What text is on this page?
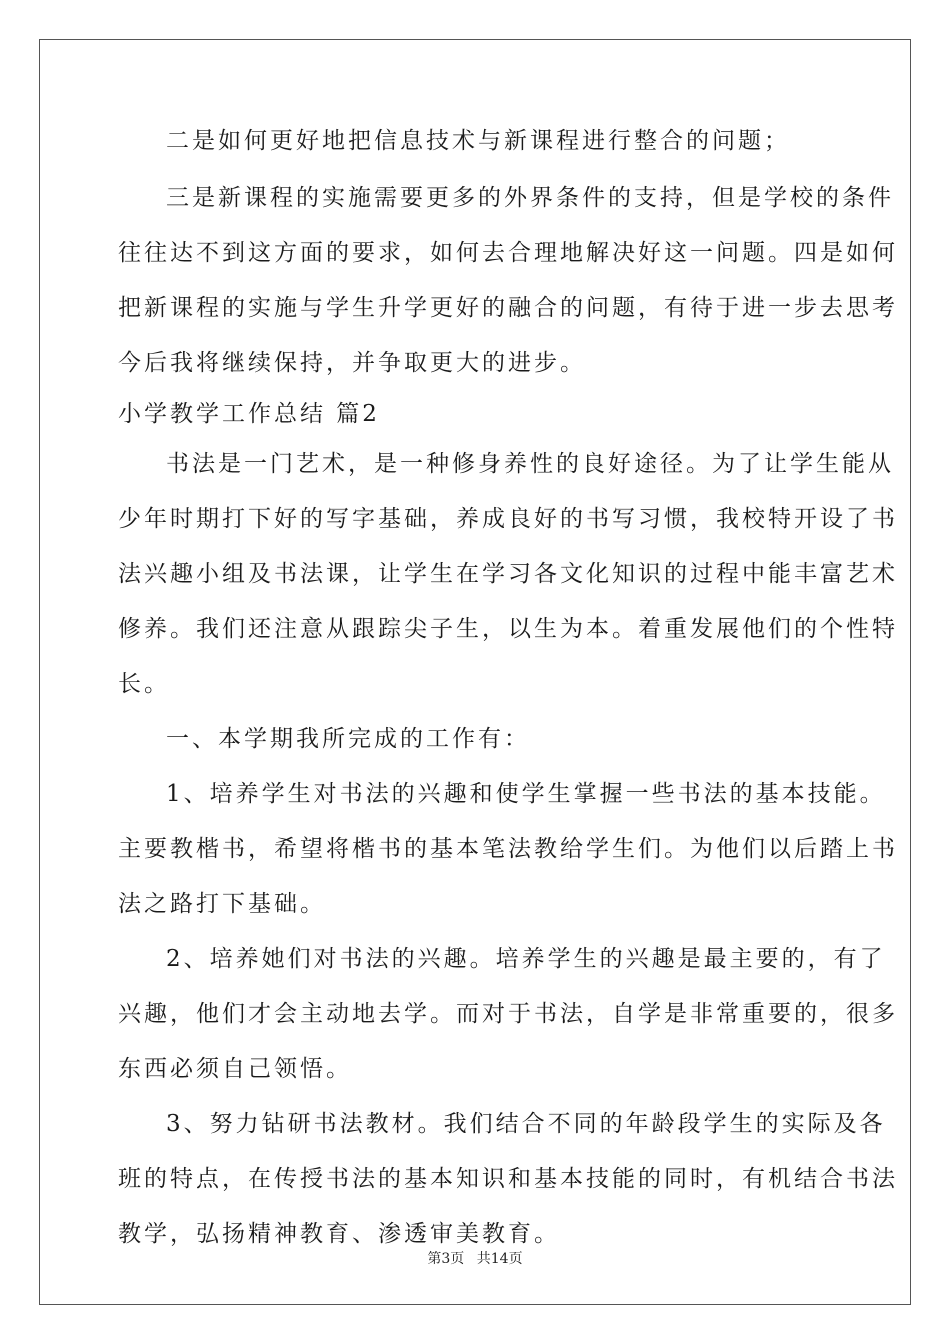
二是如何更好地把信息技术与新课程进行整合的问题；
三是新课程的实施需要更多的外界条件的支持，但是学校的条件
往往达不到这方面的要求，如何去合理地解决好这一问题。四是如何
把新课程的实施与学生升学更好的融合的问题，有待于进一步去思考
今后我将继续保持，并争取更大的进步。
小学教学工作总结 篇2
书法是一门艺术，是一种修身养性的良好途径。为了让学生能从
少年时期打下好的写字基础，养成良好的书写习惯，我校特开设了书
法兴趣小组及书法课，让学生在学习各文化知识的过程中能丰富艺术
修养。我们还注意从跟踪尖子生，以生为本。着重发展他们的个性特
长。
一、本学期我所完成的工作有：
1、培养学生对书法的兴趣和使学生掌握一些书法的基本技能。
主要教楷书，希望将楷书的基本笔法教给学生们。为他们以后踏上书
法之路打下基础。
2、培养她们对书法的兴趣。培养学生的兴趣是最主要的，有了
兴趣，他们才会主动地去学。而对于书法，自学是非常重要的，很多
东西必须自己领悟。
3、努力钻研书法教材。我们结合不同的年龄段学生的实际及各
班的特点，在传授书法的基本知识和基本技能的同时，有机结合书法
教学，弘扬精神教育、渗透审美教育。
第3页 共14页
